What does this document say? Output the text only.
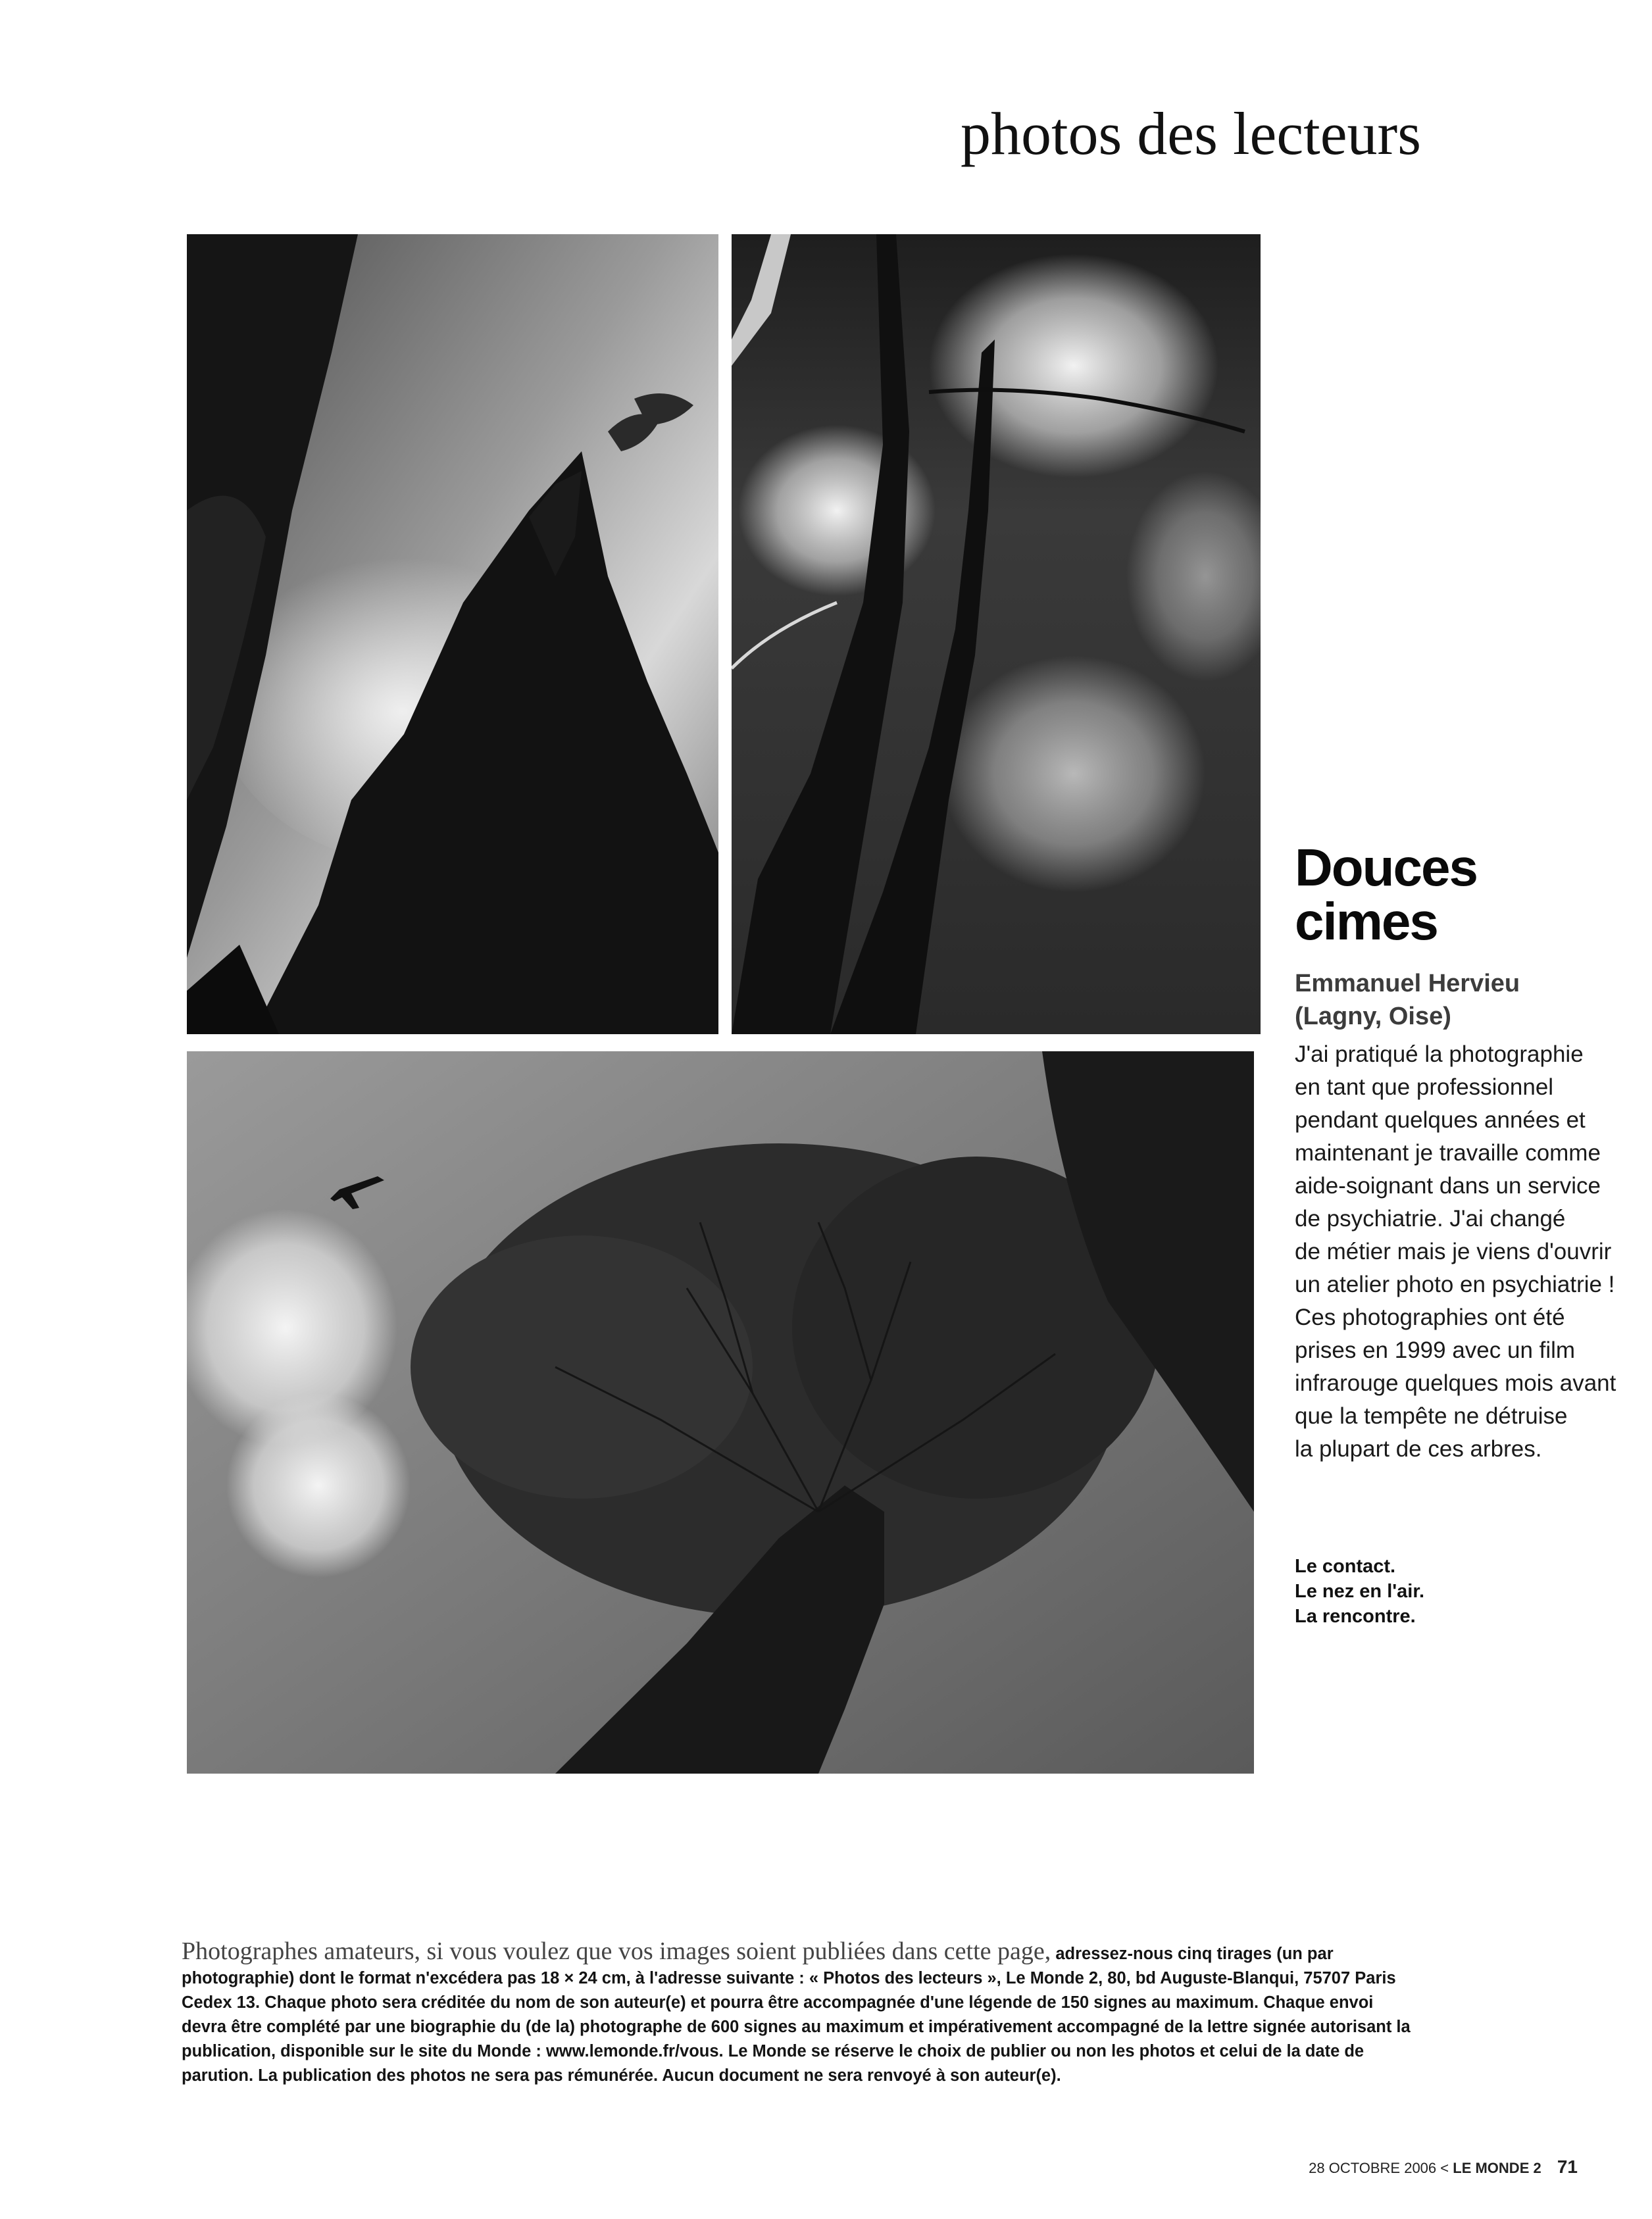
photos des lecteurs
Douces
cimes
Emmanuel Hervieu
(Lagny, Oise)
J'ai pratiqué la photographie
en tant que professionnel
pendant quelques années et
maintenant je travaille comme
aide-soignant dans un service
de psychiatrie. J'ai changé
de métier mais je viens d'ouvrir
un atelier photo en psychiatrie !
Ces photographies ont été
prises en 1999 avec un film
infrarouge quelques mois avant
que la tempête ne détruise
la plupart de ces arbres.
Le contact.
Le nez en l'air.
La rencontre.
Photographes amateurs, si vous voulez que vos images soient publiées dans cette page, adressez-nous cinq tirages (un par photographie) dont le format n'excédera pas 18 × 24 cm, à l'adresse suivante : « Photos des lecteurs », Le Monde 2, 80, bd Auguste-Blanqui, 75707 Paris Cedex 13. Chaque photo sera créditée du nom de son auteur(e) et pourra être accompagnée d'une légende de 150 signes au maximum. Chaque envoi devra être complété par une biographie du (de la) photographe de 600 signes au maximum et impérativement accompagné de la lettre signée autorisant la publication, disponible sur le site du Monde : www.lemonde.fr/vous. Le Monde se réserve le choix de publier ou non les photos et celui de la date de parution. La publication des photos ne sera pas rémunérée. Aucun document ne sera renvoyé à son auteur(e).
28 OCTOBRE 2006 < LE MONDE 2 71
